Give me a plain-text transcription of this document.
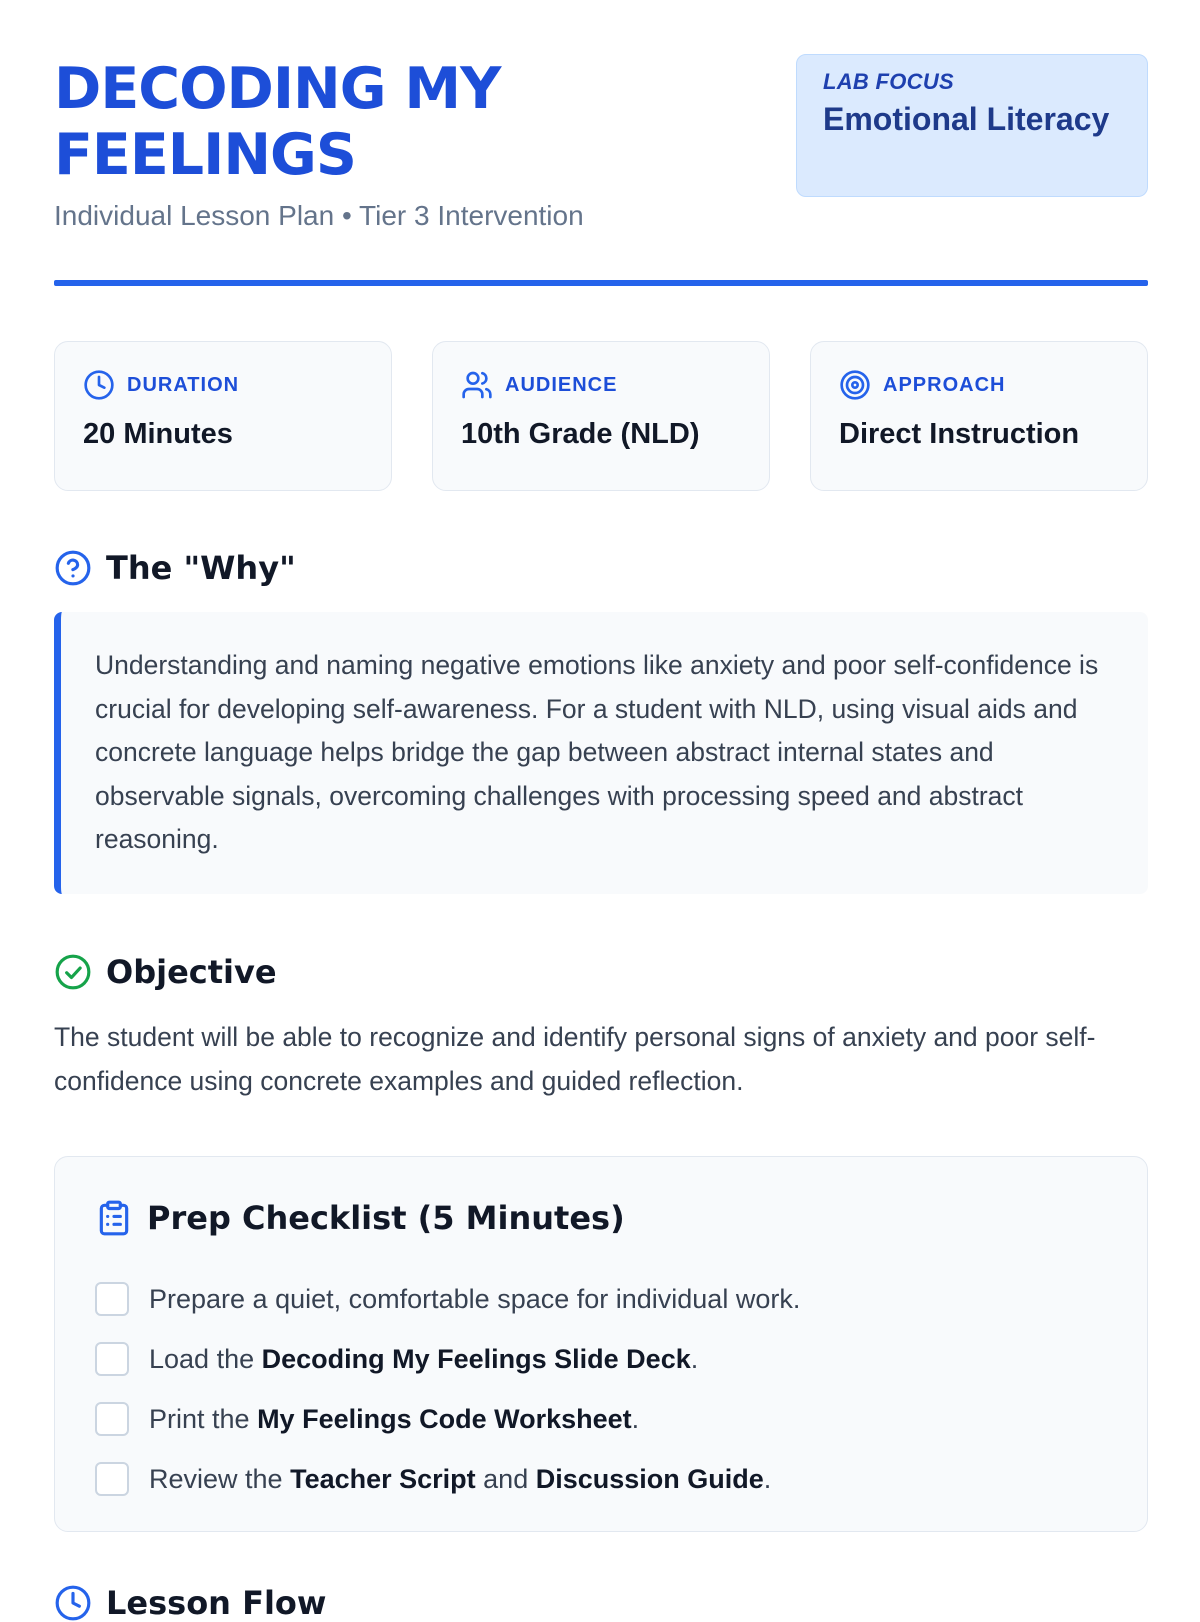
DECODING MY FEELINGS
Individual Lesson Plan • Tier 3 Intervention
LAB FOCUS
Emotional Literacy
DURATION
20 Minutes
AUDIENCE
10th Grade (NLD)
APPROACH
Direct Instruction
The "Why"

Understanding and naming negative emotions like anxiety and poor self-confidence is crucial for developing self-awareness. For a student with NLD, using visual aids and concrete language helps bridge the gap between abstract internal states and observable signals, overcoming challenges with processing speed and abstract reasoning.

Objective

The student will be able to recognize and identify personal signs of anxiety and poor self-confidence using concrete examples and guided reflection.

Prep Checklist (5 Minutes)
Prepare a quiet, comfortable space for individual work.
Load the Decoding My Feelings Slide Deck.
Print the My Feelings Code Worksheet.
Review the Teacher Script and Discussion Guide.
Lesson Flow
